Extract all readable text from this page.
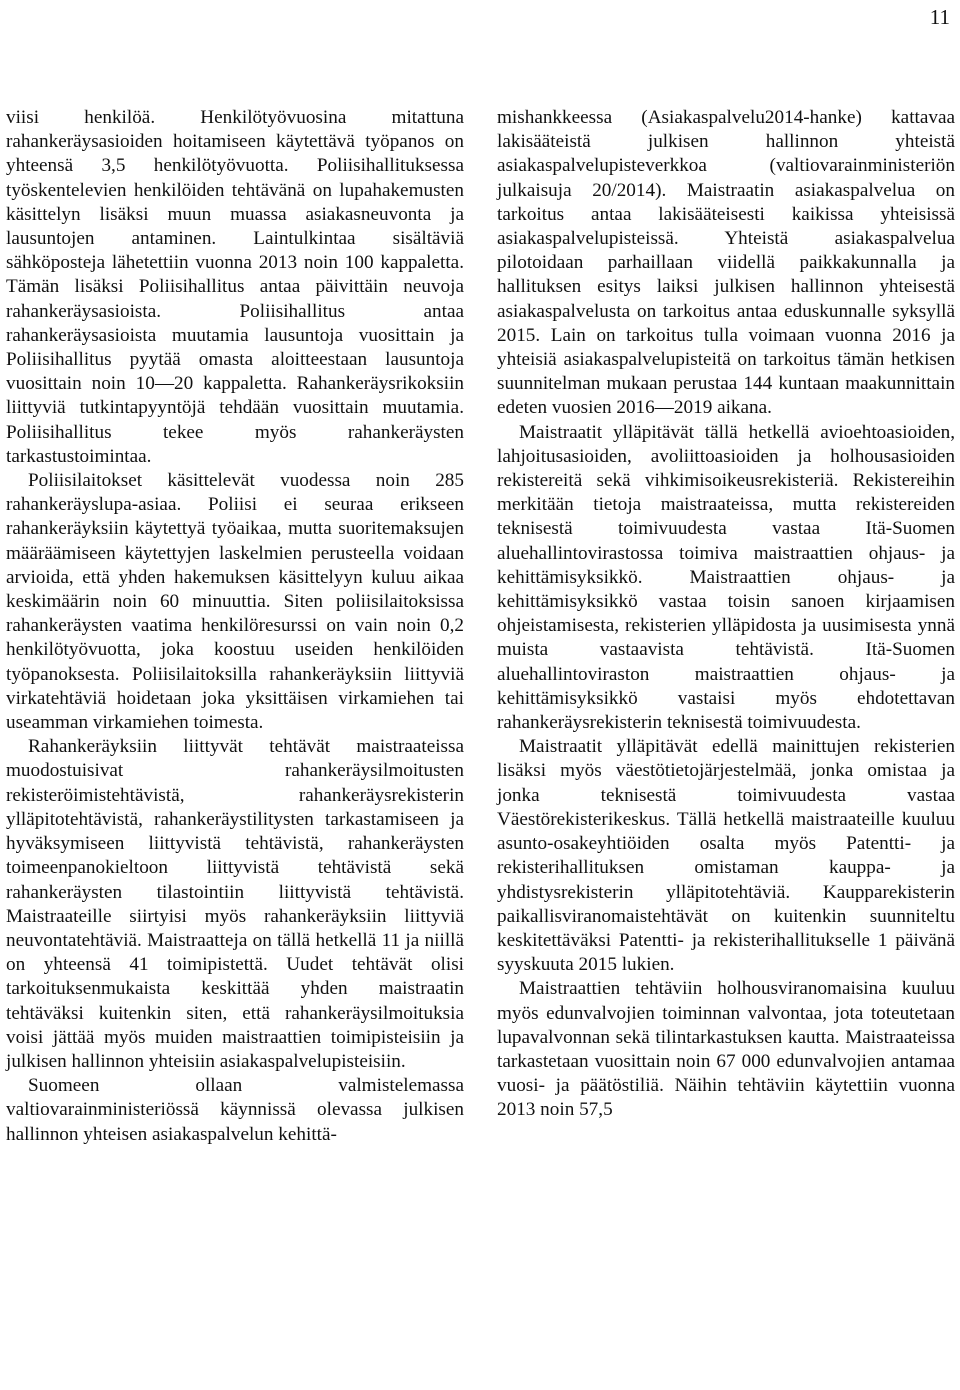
11

viisi henkilöä. Henkilötyövuosina mitattuna rahankeräysasioiden hoitamiseen käytettävä työpanos on yhteensä 3,5 henkilötyövuotta. Poliisihallituksessa työskentelevien henkilöiden tehtävänä on lupahakemusten käsittelyn lisäksi muun muassa asiakasneuvonta ja lausuntojen antaminen. Laintulkintaa sisältäviä sähköposteja lähetettiin vuonna 2013 noin 100 kappaletta. Tämän lisäksi Poliisihallitus antaa päivittäin neuvoja rahankeräysasioista. Poliisihallitus antaa rahankeräysasioista muutamia lausuntoja vuosittain ja Poliisihallitus pyytää omasta aloitteestaan lausuntoja vuosittain noin 10—20 kappaletta. Rahankeräysrikoksiin liittyviä tutkintapyyntöjä tehdään vuosittain muutamia. Poliisihallitus tekee myös rahankeräysten tarkastustoimintaa.

Poliisilaitokset käsittelevät vuodessa noin 285 rahankeräyslupa-asiaa. Poliisi ei seuraa erikseen rahankeräyksiin käytettyä työaikaa, mutta suoritemaksujen määräämiseen käytettyjen laskelmien perusteella voidaan arvioida, että yhden hakemuksen käsittelyyn kuluu aikaa keskimäärin noin 60 minuuttia. Siten poliisilaitoksissa rahankeräysten vaatima henkilöresurssi on vain noin 0,2 henkilötyövuotta, joka koostuu useiden henkilöiden työpanoksesta. Poliisilaitoksilla rahankeräyksiin liittyviä virkatehtäviä hoidetaan joka yksittäisen virkamiehen tai useamman virkamiehen toimesta.

Rahankeräyksiin liittyvät tehtävät maistraateissa muodostuisivat rahankeräysilmoitusten rekisteröimistehtävistä, rahankeräysrekisterin ylläpitotehtävistä, rahankeräystilitysten tarkastamiseen ja hyväksymiseen liittyvistä tehtävistä, rahankeräysten toimeenpanokieltoon liittyvistä tehtävistä sekä rahankeräysten tilastointiin liittyvistä tehtävistä. Maistraateille siirtyisi myös rahankeräyksiin liittyviä neuvontatehtäviä. Maistraatteja on tällä hetkellä 11 ja niillä on yhteensä 41 toimipistettä. Uudet tehtävät olisi tarkoituksenmukaista keskittää yhden maistraatin tehtäväksi kuitenkin siten, että rahankeräysilmoituksia voisi jättää myös muiden maistraattien toimipisteisiin ja julkisen hallinnon yhteisiin asiakaspalvelupisteisiin.

Suomeen ollaan valmistelemassa valtiovarainministeriössä käynnissä olevassa julkisen hallinnon yhteisen asiakaspalvelun kehittä-

mishankkeessa (Asiakaspalvelu2014-hanke) kattavaa lakisääteistä julkisen hallinnon yhteistä asiakaspalvelupisteverkkoa (valtiovarainministeriön julkaisuja 20/2014). Maistraatin asiakaspalvelua on tarkoitus antaa lakisääteisesti kaikissa yhteisissä asiakaspalvelupisteissä. Yhteistä asiakaspalvelua pilotoidaan parhaillaan viidellä paikkakunnalla ja hallituksen esitys laiksi julkisen hallinnon yhteisestä asiakaspalvelusta on tarkoitus antaa eduskunnalle syksyllä 2015. Lain on tarkoitus tulla voimaan vuonna 2016 ja yhteisiä asiakaspalvelupisteitä on tarkoitus tämän hetkisen suunnitelman mukaan perustaa 144 kuntaan maakunnittain edeten vuosien 2016—2019 aikana.

Maistraatit ylläpitävät tällä hetkellä avioehtoasioiden, lahjoitusasioiden, avoliittoasioiden ja holhousasioiden rekistereitä sekä vihkimisoikeusrekisteriä. Rekistereihin merkitään tietoja maistraateissa, mutta rekistereiden teknisestä toimivuudesta vastaa Itä-Suomen aluehallintovirastossa toimiva maistraattien ohjaus- ja kehittämisyksikkö. Maistraattien ohjaus- ja kehittämisyksikkö vastaa toisin sanoen kirjaamisen ohjeistamisesta, rekisterien ylläpidosta ja uusimisesta ynnä muista vastaavista tehtävistä. Itä-Suomen aluehallintoviraston maistraattien ohjaus- ja kehittämisyksikkö vastaisi myös ehdotettavan rahankeräysrekisterin teknisestä toimivuudesta.

Maistraatit ylläpitävät edellä mainittujen rekisterien lisäksi myös väestötietojärjestelmää, jonka omistaa ja jonka teknisestä toimivuudesta vastaa Väestörekisterikeskus. Tällä hetkellä maistraateille kuuluu asunto-osakeyhtiöiden osalta myös Patentti- ja rekisterihallituksen omistaman kauppa- ja yhdistysrekisterin ylläpitotehtäviä. Kaupparekisterin paikallisviranomaistehtävät on kuitenkin suunniteltu keskitettäväksi Patentti- ja rekisterihallitukselle 1 päivänä syyskuuta 2015 lukien.

Maistraattien tehtäviin holhousviranomaisina kuuluu myös edunvalvojien toiminnan valvontaa, jota toteutetaan lupavalvonnan sekä tilintarkastuksen kautta. Maistraateissa tarkastetaan vuosittain noin 67 000 edunvalvojien antamaa vuosi- ja päätöstiliä. Näihin tehtäviin käytettiin vuonna 2013 noin 57,5
